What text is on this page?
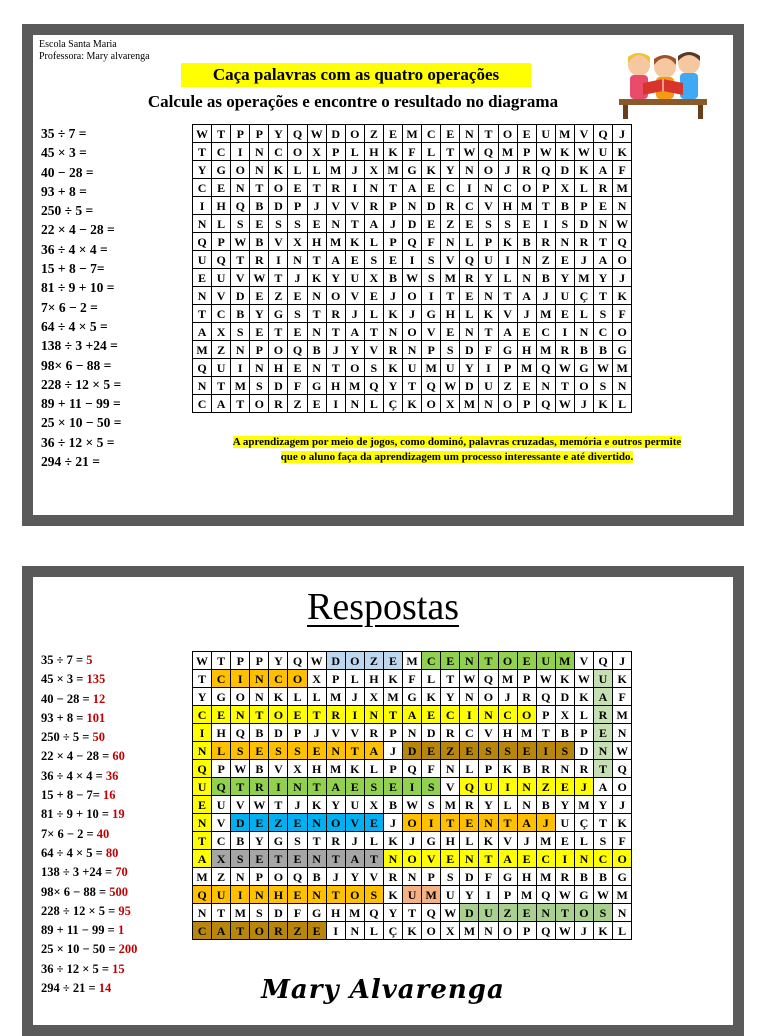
Escola Santa Maria
Professora: Mary alvarenga
Caça palavras com as quatro operações
Calcule as operações e encontre o resultado no diagrama
35 ÷ 7 =
45 × 3 =
40 − 28 =
93 + 8 =
250 ÷ 5 =
22 × 4 − 28 =
36 ÷ 4 × 4 =
15 + 8 − 7=
81 ÷ 9 + 10 =
7× 6 − 2 =
64 ÷ 4 × 5 =
138 ÷ 3 +24 =
98× 6 − 88 =
228 ÷ 12 × 5 =
89 + 11 − 99 =
25 × 10 − 50 =
36 ÷ 12 × 5 =
294 ÷ 21 =
W	T	P	P	Y	Q	W	D	O	Z	E	M	C	E	N	T	O	E	U	M	V	Q	J
T	C	I	N	C	O	X	P	L	H	K	F	L	T	W	Q	M	P	W	K	W	U	K
Y	G	O	N	K	L	L	M	J	X	M	G	K	Y	N	O	J	R	Q	D	K	A	F
C	E	N	T	O	E	T	R	I	N	T	A	E	C	I	N	C	O	P	X	L	R	M
I	H	Q	B	D	P	J	V	V	R	P	N	D	R	C	V	H	M	T	B	P	E	N
N	L	S	E	S	S	E	N	T	A	J	D	E	Z	E	S	S	E	I	S	D	N	W
Q	P	W	B	V	X	H	M	K	L	P	Q	F	N	L	P	K	B	R	N	R	T	Q
U	Q	T	R	I	N	T	A	E	S	E	I	S	V	Q	U	I	N	Z	E	J	A	O
E	U	V	W	T	J	K	Y	U	X	B	W	S	M	R	Y	L	N	B	Y	M	Y	J
N	V	D	E	Z	E	N	O	V	E	J	O	I	T	E	N	T	A	J	U	Ç	T	K
T	C	B	Y	G	S	T	R	J	L	K	J	G	H	L	K	V	J	M	E	L	S	F
A	X	S	E	T	E	N	T	A	T	N	O	V	E	N	T	A	E	C	I	N	C	O
M	Z	N	P	O	Q	B	J	Y	V	R	N	P	S	D	F	G	H	M	R	B	B	G
Q	U	I	N	H	E	N	T	O	S	K	U	M	U	Y	I	P	M	Q	W	G	W	M
N	T	M	S	D	F	G	H	M	Q	Y	T	Q	W	D	U	Z	E	N	T	O	S	N
C	A	T	O	R	Z	E	I	N	L	Ç	K	O	X	M	N	O	P	Q	W	J	K	L
A aprendizagem por meio de jogos, como dominó, palavras cruzadas, memória e outros permite
que o aluno faça da aprendizagem um processo interessante e até divertido.
Respostas
35 ÷ 7 = 5
45 × 3 = 135
40 − 28 = 12
93 + 8 = 101
250 ÷ 5 = 50
22 × 4 − 28 = 60
36 ÷ 4 × 4 = 36
15 + 8 − 7= 16
81 ÷ 9 + 10 = 19
7× 6 − 2 = 40
64 ÷ 4 × 5 = 80
138 ÷ 3 +24 = 70
98× 6 − 88 = 500
228 ÷ 12 × 5 = 95
89 + 11 − 99 = 1
25 × 10 − 50 = 200
36 ÷ 12 × 5 = 15
294 ÷ 21 = 14
W	T	P	P	Y	Q	W	D	O	Z	E	M	C	E	N	T	O	E	U	M	V	Q	J
T	C	I	N	C	O	X	P	L	H	K	F	L	T	W	Q	M	P	W	K	W	U	K
Y	G	O	N	K	L	L	M	J	X	M	G	K	Y	N	O	J	R	Q	D	K	A	F
C	E	N	T	O	E	T	R	I	N	T	A	E	C	I	N	C	O	P	X	L	R	M
I	H	Q	B	D	P	J	V	V	R	P	N	D	R	C	V	H	M	T	B	P	E	N
N	L	S	E	S	S	E	N	T	A	J	D	E	Z	E	S	S	E	I	S	D	N	W
Q	P	W	B	V	X	H	M	K	L	P	Q	F	N	L	P	K	B	R	N	R	T	Q
U	Q	T	R	I	N	T	A	E	S	E	I	S	V	Q	U	I	N	Z	E	J	A	O
E	U	V	W	T	J	K	Y	U	X	B	W	S	M	R	Y	L	N	B	Y	M	Y	J
N	V	D	E	Z	E	N	O	V	E	J	O	I	T	E	N	T	A	J	U	Ç	T	K
T	C	B	Y	G	S	T	R	J	L	K	J	G	H	L	K	V	J	M	E	L	S	F
A	X	S	E	T	E	N	T	A	T	N	O	V	E	N	T	A	E	C	I	N	C	O
M	Z	N	P	O	Q	B	J	Y	V	R	N	P	S	D	F	G	H	M	R	B	B	G
Q	U	I	N	H	E	N	T	O	S	K	U	M	U	Y	I	P	M	Q	W	G	W	M
N	T	M	S	D	F	G	H	M	Q	Y	T	Q	W	D	U	Z	E	N	T	O	S	N
C	A	T	O	R	Z	E	I	N	L	Ç	K	O	X	M	N	O	P	Q	W	J	K	L
Mary Alvarenga
